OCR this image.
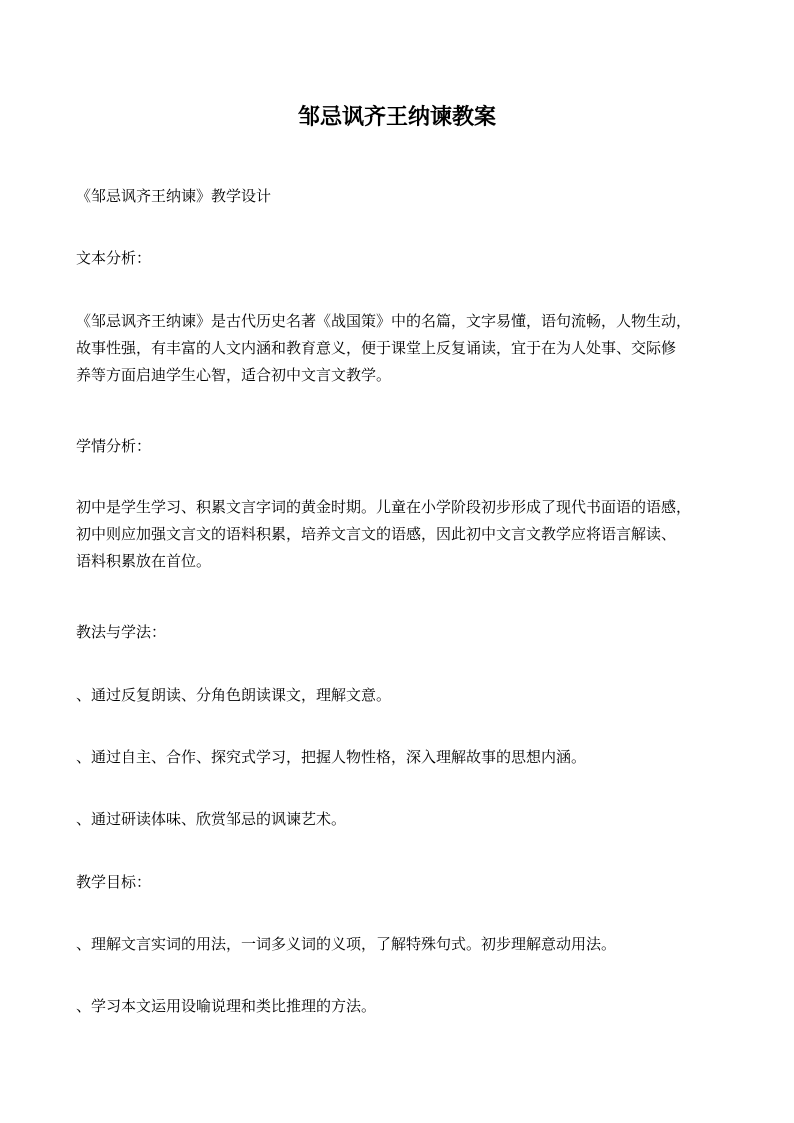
邹忌讽齐王纳谏教案

《邹忌讽齐王纳谏》教学设计

文本分析：

《邹忌讽齐王纳谏》是古代历史名著《战国策》中的名篇，文字易懂，语句流畅，人物生动，
故事性强，有丰富的人文内涵和教育意义，便于课堂上反复诵读，宜于在为人处事、交际修
养等方面启迪学生心智，适合初中文言文教学。

学情分析：

初中是学生学习、积累文言字词的黄金时期。儿童在小学阶段初步形成了现代书面语的语感，
初中则应加强文言文的语料积累，培养文言文的语感，因此初中文言文教学应将语言解读、
语料积累放在首位。

教法与学法：

、通过反复朗读、分角色朗读课文，理解文意。

、通过自主、合作、探究式学习，把握人物性格，深入理解故事的思想内涵。

、通过研读体味、欣赏邹忌的讽谏艺术。

教学目标：

、理解文言实词的用法，一词多义词的义项，了解特殊句式。初步理解意动用法。

、学习本文运用设喻说理和类比推理的方法。
